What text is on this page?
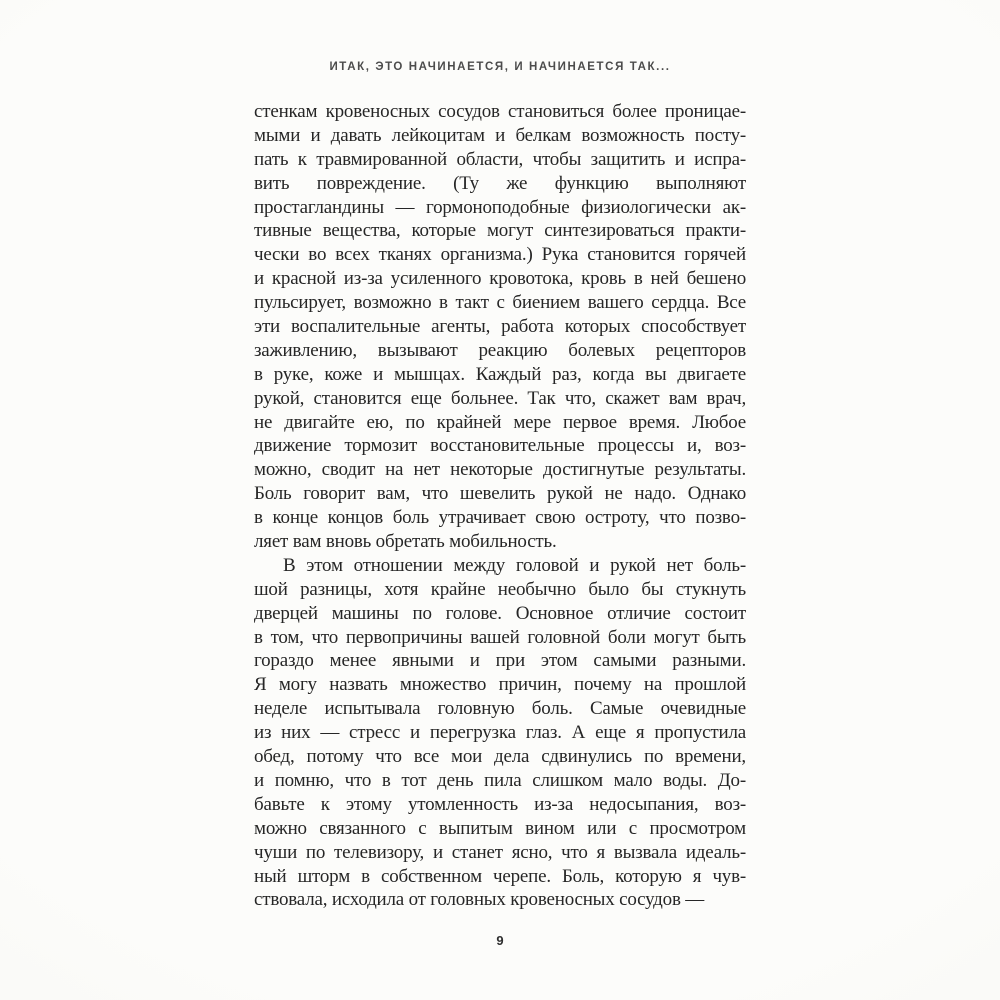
ИТАК, ЭТО НАЧИНАЕТСЯ, И НАЧИНАЕТСЯ ТАК...
стенкам кровеносных сосудов становиться более проницае-
мыми и давать лейкоцитам и белкам возможность посту-
пать к травмированной области, чтобы защитить и испра-
вить повреждение. (Ту же функцию выполняют
простагландины — гормоноподобные физиологически ак-
тивные вещества, которые могут синтезироваться практи-
чески во всех тканях организма.) Рука становится горячей
и красной из-за усиленного кровотока, кровь в ней бешено
пульсирует, возможно в такт с биением вашего сердца. Все
эти воспалительные агенты, работа которых способствует
заживлению, вызывают реакцию болевых рецепторов
в руке, коже и мышцах. Каждый раз, когда вы двигаете
рукой, становится еще больнее. Так что, скажет вам врач,
не двигайте ею, по крайней мере первое время. Любое
движение тормозит восстановительные процессы и, воз-
можно, сводит на нет некоторые достигнутые результаты.
Боль говорит вам, что шевелить рукой не надо. Однако
в конце концов боль утрачивает свою остроту, что позво-
ляет вам вновь обретать мобильность.
В этом отношении между головой и рукой нет боль-
шой разницы, хотя крайне необычно было бы стукнуть
дверцей машины по голове. Основное отличие состоит
в том, что первопричины вашей головной боли могут быть
гораздо менее явными и при этом самыми разными.
Я могу назвать множество причин, почему на прошлой
неделе испытывала головную боль. Самые очевидные
из них — стресс и перегрузка глаз. А еще я пропустила
обед, потому что все мои дела сдвинулись по времени,
и помню, что в тот день пила слишком мало воды. До-
бавьте к этому утомленность из-за недосыпания, воз-
можно связанного с выпитым вином или с просмотром
чуши по телевизору, и станет ясно, что я вызвала идеаль-
ный шторм в собственном черепе. Боль, которую я чув-
ствовала, исходила от головных кровеносных сосудов —
9
